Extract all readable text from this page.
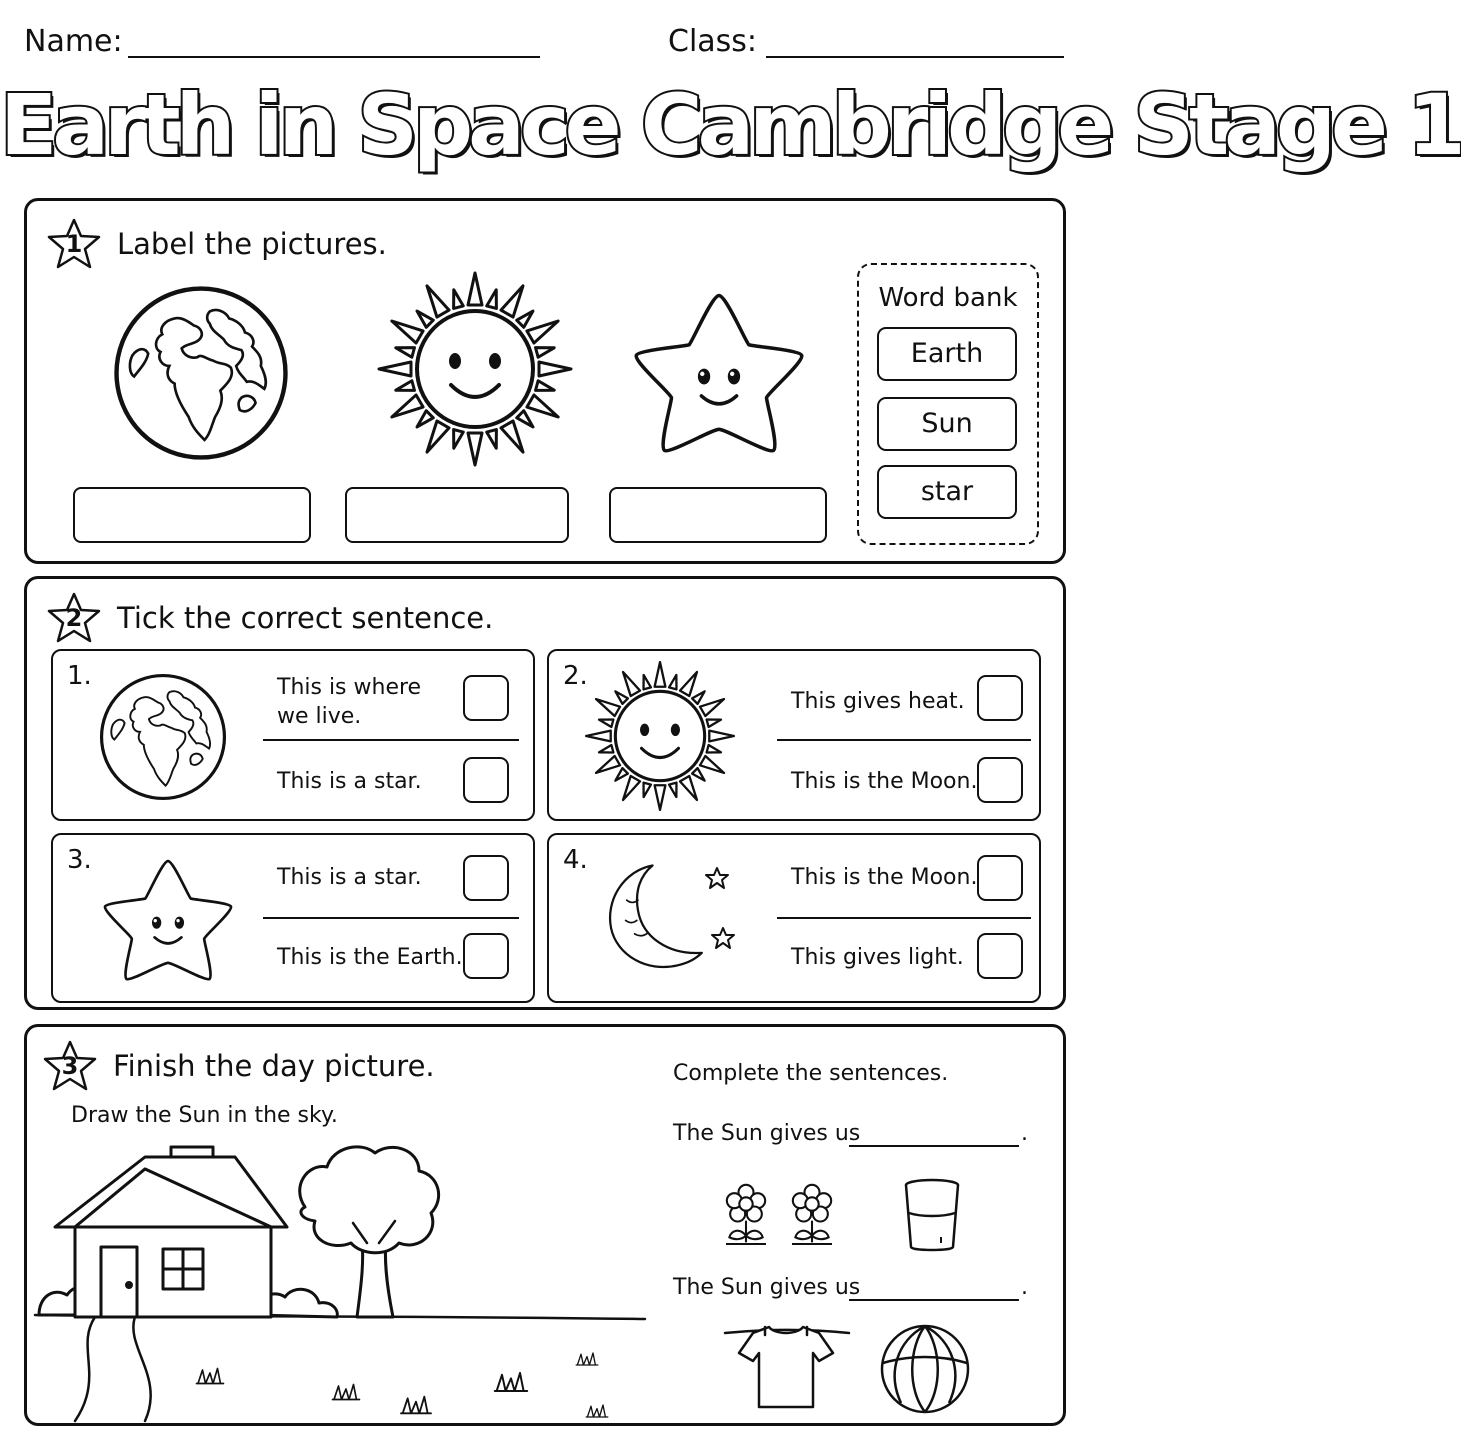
Name:	Class:
Earth in Space Cambridge Stage 1
1	Label the pictures.
Word bank
Earth
Sun
star
2	Tick the correct sentence.
1.	This is where we live.
This is a star.
2.
This gives heat.
This is the Moon.
3.
This is a star.
This is the Earth.
4.
This is the Moon.
This gives light.
3	Finish the day picture.
Draw the Sun in the sky.
Complete the sentences.
The Sun gives us	.
The Sun gives us	.
